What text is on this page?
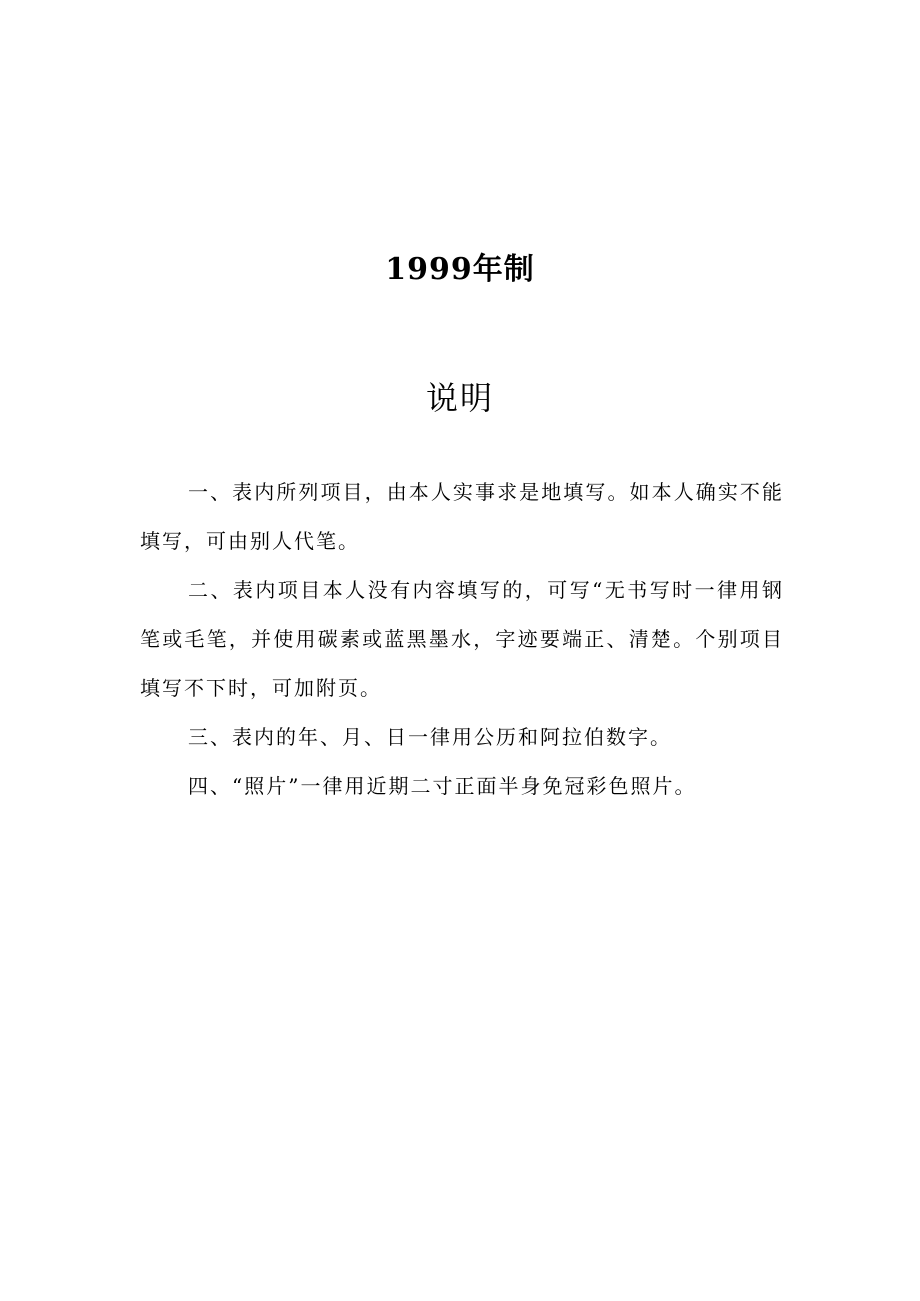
1999年制
说明

一、表内所列项目，由本人实事求是地填写。如本人确实不能填写，可由别人代笔。

二、表内项目本人没有内容填写的，可写“无书写时一律用钢笔或毛笔，并使用碳素或蓝黑墨水，字迹要端正、清楚。个别项目填写不下时，可加附页。

三、表内的年、月、日一律用公历和阿拉伯数字。

四、“照片”一律用近期二寸正面半身免冠彩色照片。
